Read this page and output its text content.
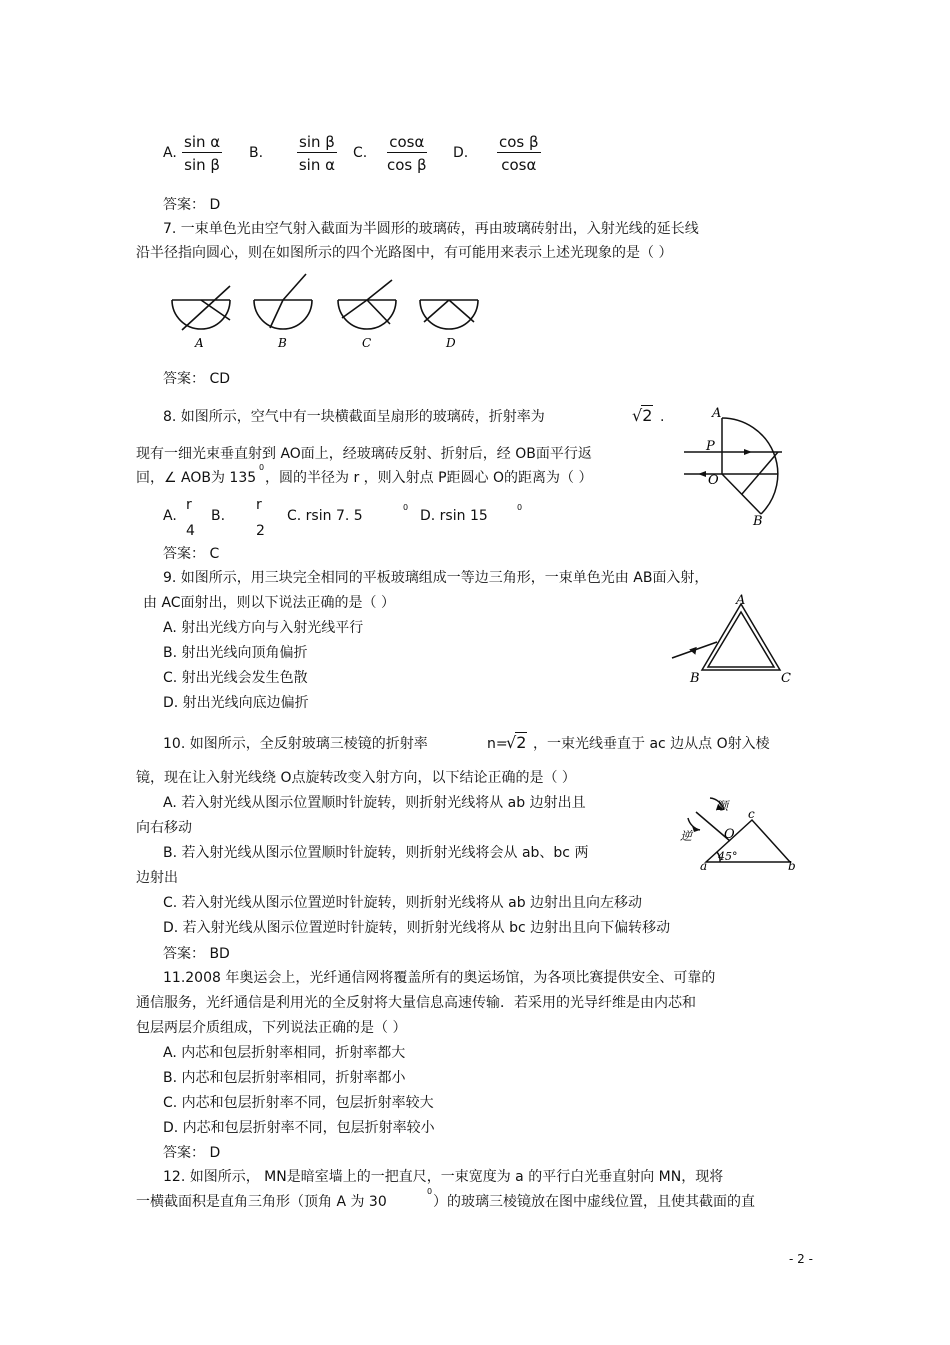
A. $\frac{\text{sin α}}{\text{sin β}} B$. $\frac{\text{sin β}}{\text{sin α}} C$. $\frac{\cos\alpha}{\text{cos β}} D$. $\frac{\text{cos β}}{\cos\alpha}$
答案： D
7. 一束单色光由空气射入截面为半圆形的玻璃砖，再由玻璃砖射出，入射光线的延长线
沿半径指向圆心，则在如图所示的四个光路图中，有可能用来表示上述光现象的是（ ）
A	B	C	D
答案： CD
8. 如图所示，空气中有一块横截面呈扇形的玻璃砖，折射率为	√2 .
现有一细光束垂直射到 AO面上，经玻璃砖反射、折射后，经 OB面平行返
回，∠ AOB为 135
0
，圆的半径为 r ，则入射点 P距圆心 O的距离为（ ）
A.
r
4
B.
r
2
C. rsin 7. 5
0
D. rsin 15
0
答案： C
A
P
O
B
9. 如图所示，用三块完全相同的平板玻璃组成一等边三角形，一束单色光由 AB面入射，
由 AC面射出，则以下说法正确的是（ ）
A. 射出光线方向与入射光线平行
B. 射出光线向顶角偏折
C. 射出光线会发生色散
D. 射出光线向底边偏折
A
B	C
10. 如图所示，全反射玻璃三棱镜的折射率	n=
√2 ，一束光线垂直于 ac 边从点 O射入棱
镜，现在让入射光线绕 O点旋转改变入射方向，以下结论正确的是（ ）
A. 若入射光线从图示位置顺时针旋转，则折射光线将从 ab 边射出且
向右移动
B. 若入射光线从图示位置顺时针旋转，则折射光线将会从 ab、bc 两
边射出
C. 若入射光线从图示位置逆时针旋转，则折射光线将从 ab 边射出且向左移动
D. 若入射光线从图示位置逆时针旋转，则折射光线将从 bc 边射出且向下偏转移动
答案： BD
顺
逆 O
c
a	b
45°
11.2008 年奥运会上，光纤通信网将覆盖所有的奥运场馆，为各项比赛提供安全、可靠的
通信服务，光纤通信是利用光的全反射将大量信息高速传输．若采用的光导纤维是由内芯和
包层两层介质组成，下列说法正确的是（ ）
A. 内芯和包层折射率相同，折射率都大
B. 内芯和包层折射率相同，折射率都小
C. 内芯和包层折射率不同，包层折射率较大
D. 内芯和包层折射率不同，包层折射率较小
答案： D
12. 如图所示， MN是暗室墙上的一把直尺，一束宽度为 a 的平行白光垂直射向 MN，现将
一横截面积是直角三角形（顶角 A 为 30
0
）的玻璃三棱镜放在图中虚线位置，且使其截面的直
- 2 -
